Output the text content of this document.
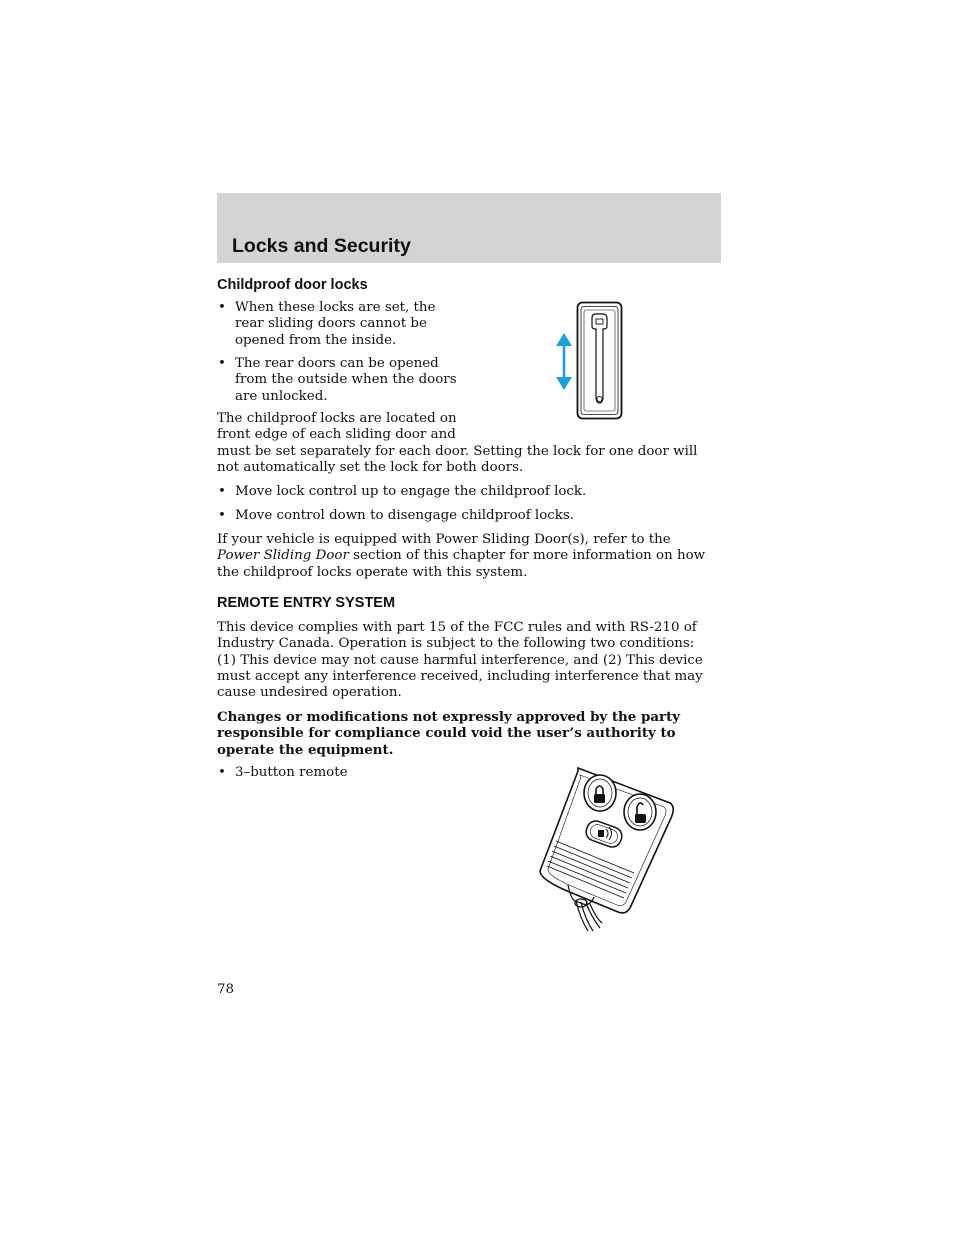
Locks and Security
Childproof door locks
• When these locks are set, the
rear sliding doors cannot be
opened from the inside.
• The rear doors can be opened
from the outside when the doors
are unlocked.
The childproof locks are located on
front edge of each sliding door and
must be set separately for each door. Setting the lock for one door will
not automatically set the lock for both doors.
• Move lock control up to engage the childproof lock.
• Move control down to disengage childproof locks.
If your vehicle is equipped with Power Sliding Door(s), refer to the
Power Sliding Door section of this chapter for more information on how
the childproof locks operate with this system.
REMOTE ENTRY SYSTEM
This device complies with part 15 of the FCC rules and with RS-210 of
Industry Canada. Operation is subject to the following two conditions:
(1) This device may not cause harmful interference, and (2) This device
must accept any interference received, including interference that may
cause undesired operation.
Changes or modifications not expressly approved by the party
responsible for compliance could void the user’s authority to
operate the equipment.
• 3–button remote
78
